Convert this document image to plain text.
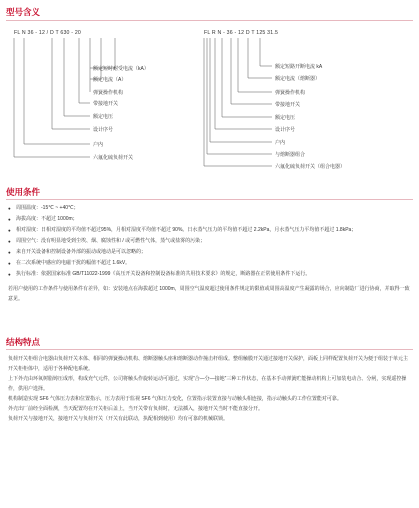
型号含义
FL N 36 - 12 / D T 630 - 20	FL R N - 36 - 12 D T 125 31.5
额定短时耐受电流（kA）
额定电流（A）
弹簧操作机构
带接地开关
额定电压
设计序号
户内
六氟化硫负荷开关
额定短路开断电流 kA
额定电流（熔断器）
弹簧操作机构
带接地开关
额定电压
设计序号
户内
与熔断器组合
六氟化硫负荷开关（组合电器）
使用条件
● 周围温度：-15℃ ~ +40℃；
● 海拔高度：不超过 1000m；
● 相对湿度：日相对湿度的平均值不超过95%，月相对湿度平均值不超过 90%。日水蒸气压力的平均值不超过 2.2kPa，月水蒸气压力平均值不超过 1.8kPa；
● 周围空气：没有明显地受到尘埃、烟、腐蚀性和 / 或可燃性气体，蒸气或盐雾的污染；
● 来自开关设备和控制设备外部的振动或地动是可以忽略的；
● 在二次系统中感应的电磁干扰的幅值不超过 1.6kV。
● 执行标准：依据国家标准 GB/T11022-1999《高压开关设备和控制设备标准的共用技术要求》的规定，断路器在正常使用条件下运行。
若用户使用的工作条件与使用条件有差异，如：安装地点在海拔超过 1000m，周围空气温度超过使用条件规定的限值或周围高温度产生凝露的场合，应向制造厂进行协商，并取得一致意见。
结构特点
负荷开关柜组合电器由负荷开关本体、相同的弹簧操动机构、熔断器触头座和熔断器动作撞击杆组成。整组触膜开关通过接地开关保护，面板上同样配置负荷开关为便于组装于单元主开关柜柜体中，适用于各种配电系统。
上下外壳由环氧树脂铸压成形，构成充气元件，公司将触头作旋转运动可通过，实现“合—分—接地”三种工作状态，在基本手动弹簧贮能操动机构上可加装电动合、分闸，实现遥控操作，供用户选择。
机构制造实现 SF6 气体压力表和位置指示，压力表用于监视 SF6 气体压力变化，位置指示装置直接与动触头相连接，指示动触头的工作位置能对可靠。
外壳出厂前经全面检测，当天配置均在开关柜后盖上，当开关带有负荷时，无法插入，接地开关当时不能直接分开。
负荷开关与接地开关，接地开关与负荷开关（开关有此联动，执配相到使用）均有可靠的机械联锁。
